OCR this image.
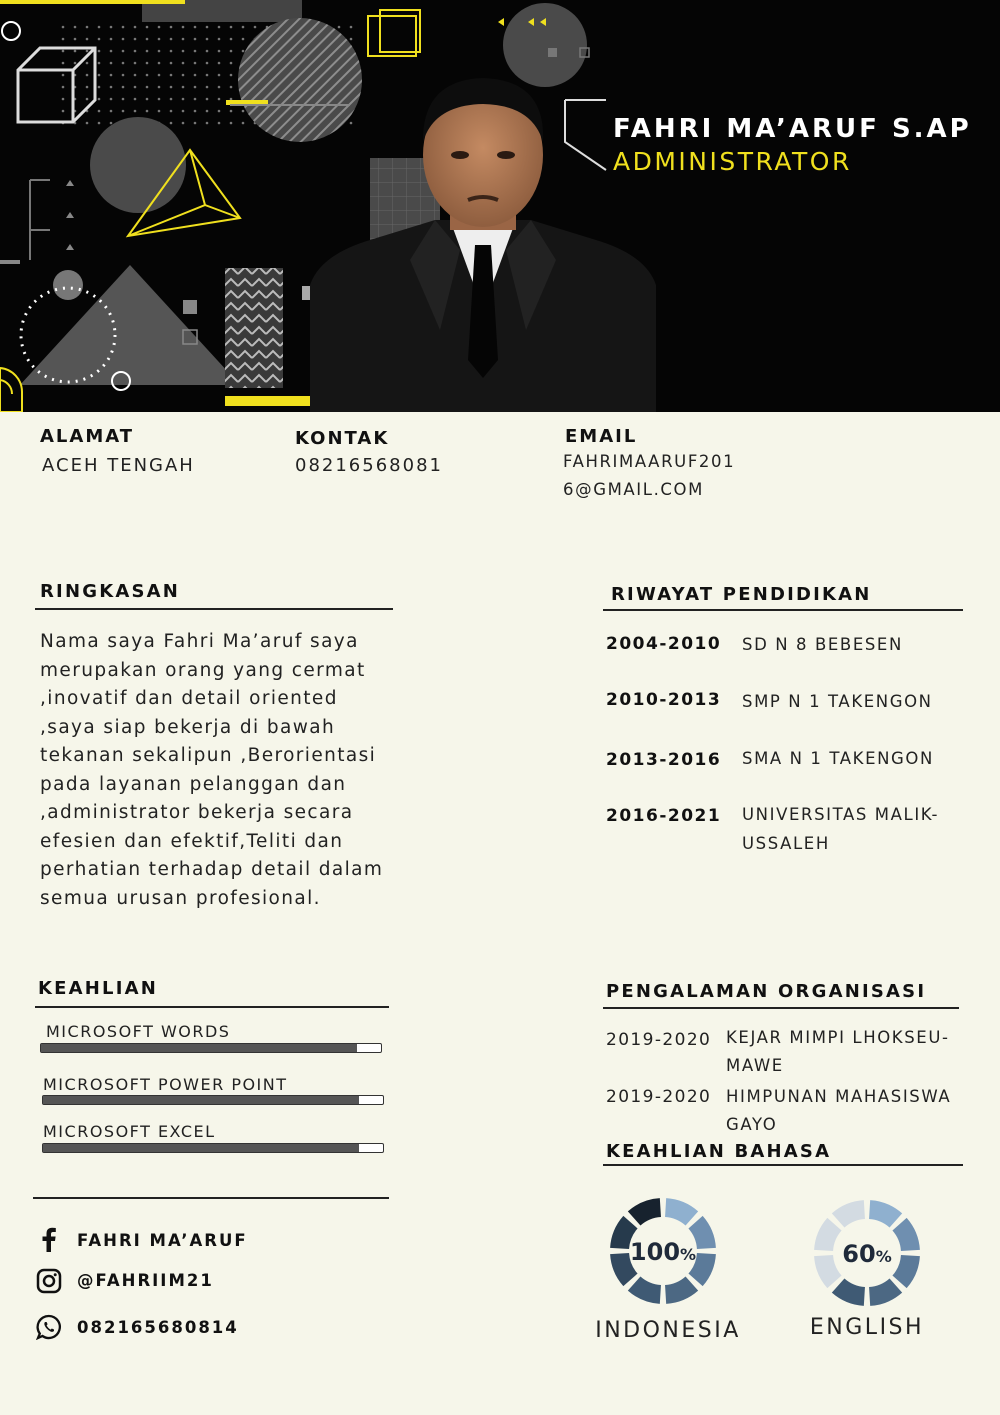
FAHRI MA’ARUF S.AP
ADMINISTRATOR
ALAMAT
ACEH TENGAH
KONTAK
08216568081
EMAIL
FAHRIMAARUF201
6@GMAIL.COM
RINGKASAN
Nama saya Fahri Ma’aruf saya
merupakan orang yang cermat
,inovatif dan detail oriented
,saya siap bekerja di bawah
tekanan sekalipun ,Berorientasi
pada layanan pelanggan dan
,administrator bekerja secara
efesien dan efektif,Teliti dan
perhatian terhadap detail dalam
semua urusan profesional.
RIWAYAT PENDIDIKAN
2004-2010 SD N 8 BEBESEN
2010-2013 SMP N 1 TAKENGON
2013-2016 SMA N 1 TAKENGON
2016-2021 UNIVERSITAS MALIK-USSALEH
KEAHLIAN
MICROSOFT WORDS
MICROSOFT POWER POINT
MICROSOFT EXCEL
PENGALAMAN ORGANISASI
2019-2020 KEJAR MIMPI LHOKSEU-MAWE
2019-2020 HIMPUNAN MAHASISWA GAYO
KEAHLIAN BAHASA
100%
INDONESIA
60%
ENGLISH
FAHRI MA’ARUF
@FAHRIIM21
082165680814
